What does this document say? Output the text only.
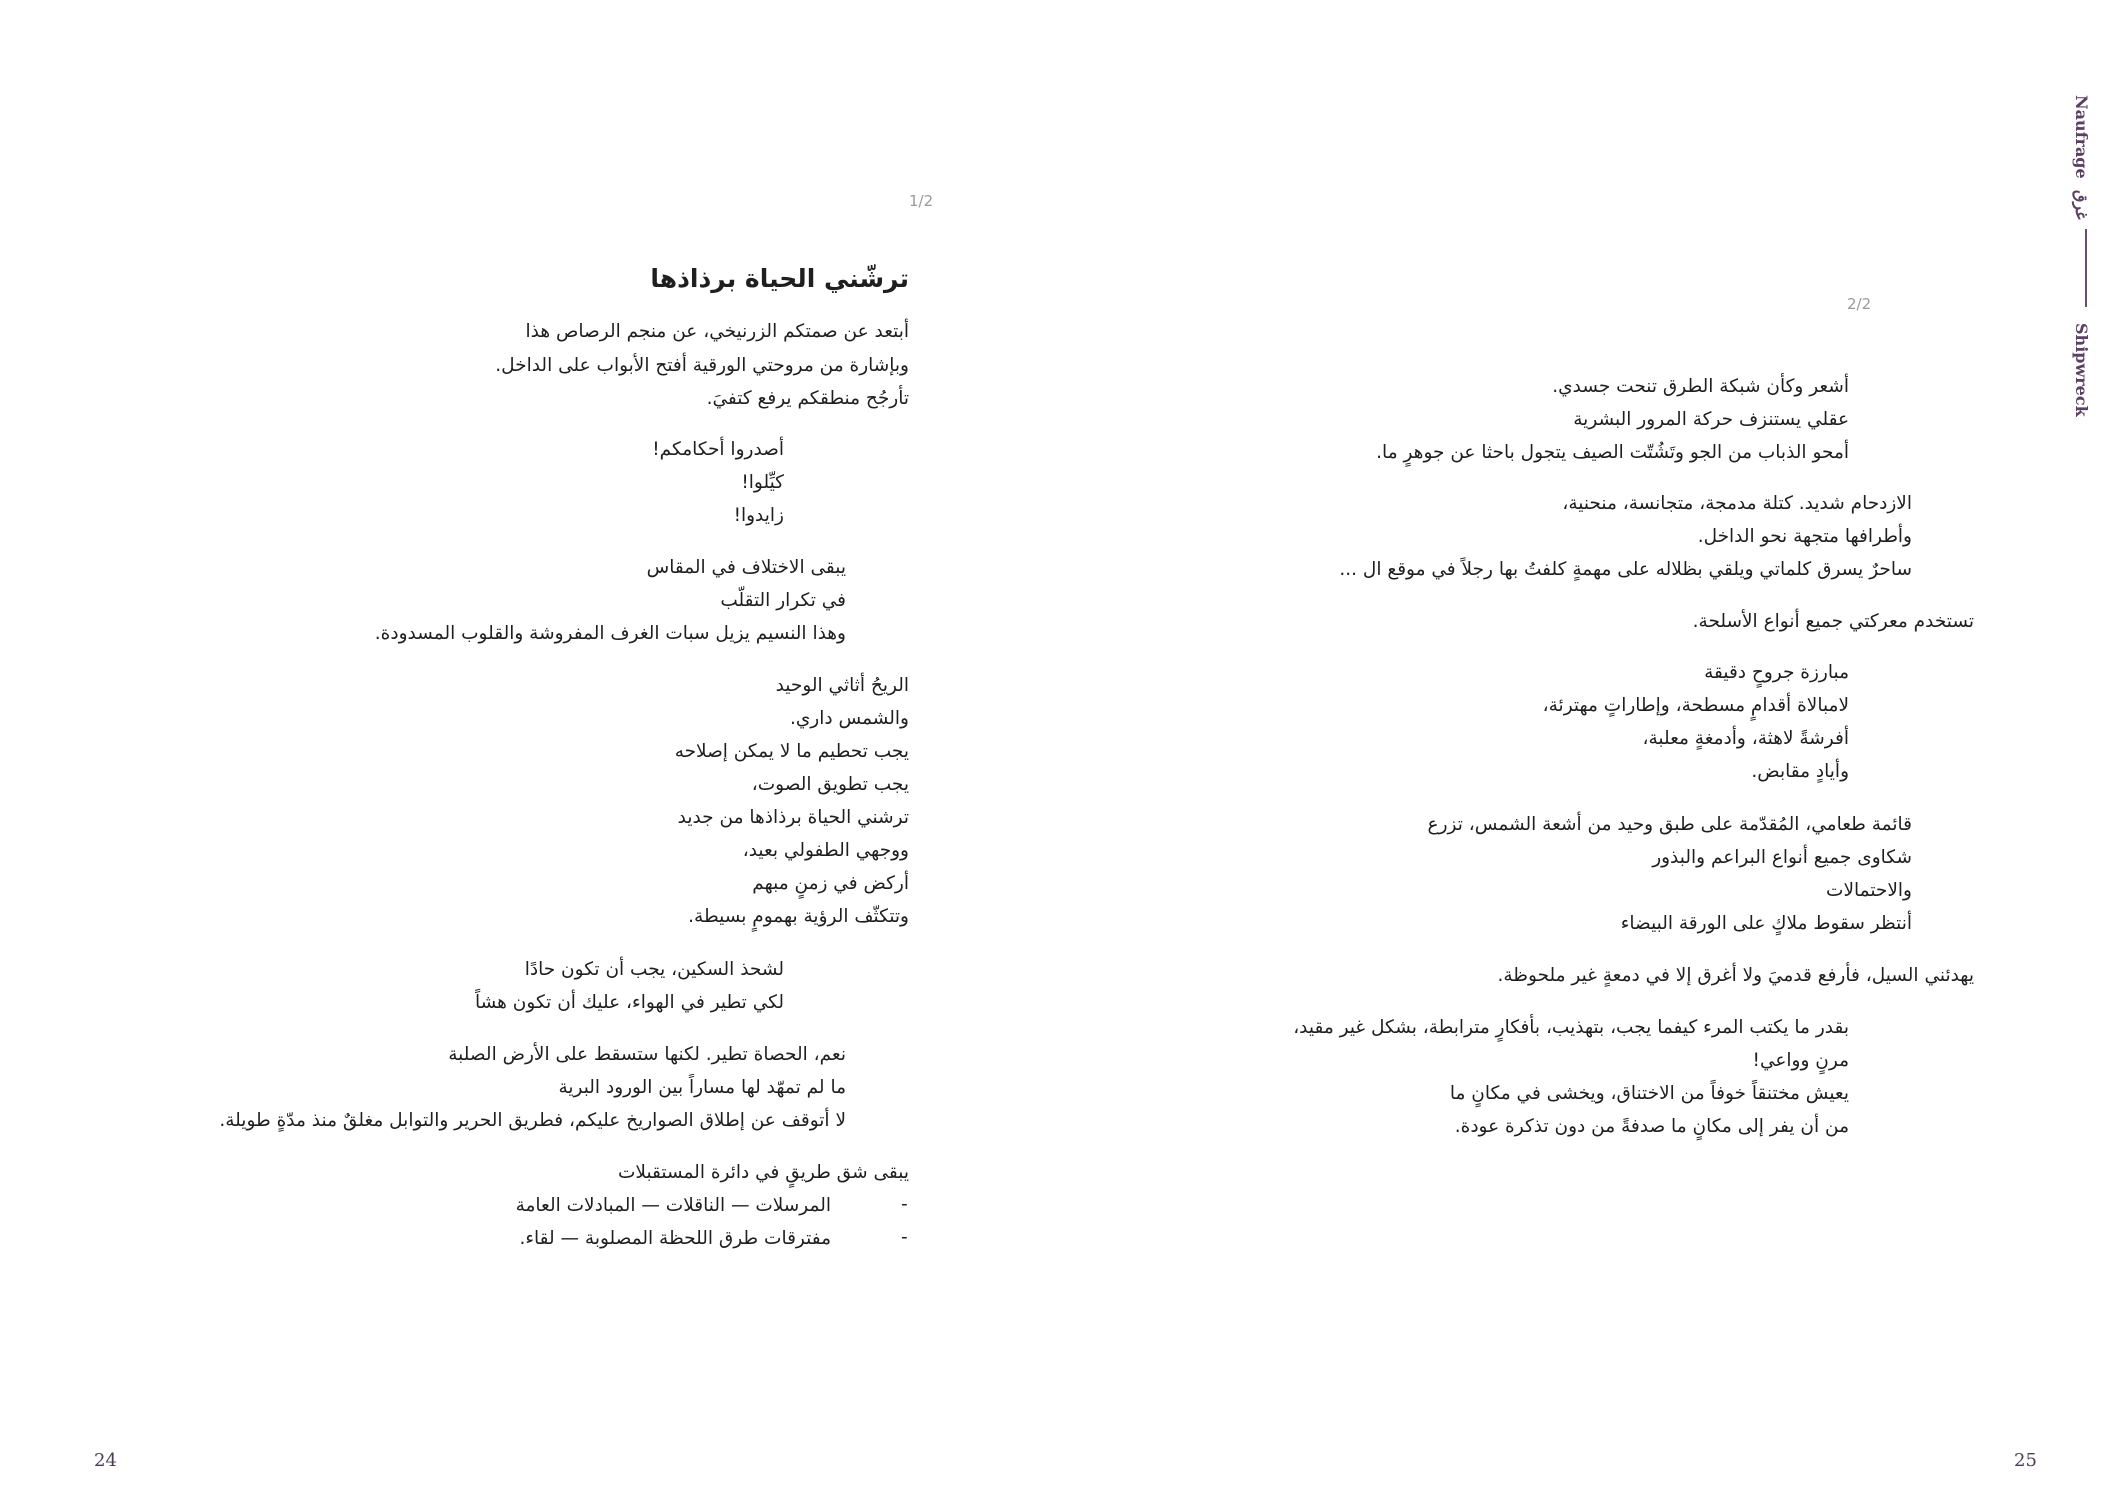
1/2
ترشّني الحياة برذاذها
أبتعد عن صمتكم الزرنيخي، عن منجم الرصاص هذا
وبإشارة من مروحتي الورقية أفتح الأبواب على الداخل.
تأرجُح منطقكم يرفع كتفيَ.
أصدروا أحكامكم!
كيِّلوا!
زايدوا!
يبقى الاختلاف في المقاس
في تكرار التقلّب
وهذا النسيم يزيل سبات الغرف المفروشة والقلوب المسدودة.
الريحُ أثاثي الوحيد
والشمس داري.
يجب تحطيم ما لا يمكن إصلاحه
يجب تطويق الصوت،
ترشني الحياة برذاذها من جديد
ووجهي الطفولي بعيد،
أركض في زمنٍ مبهم
وتتكثّف الرؤية بهمومٍ بسيطة.
لشحذ السكين، يجب أن تكون حادًا
لكي تطير في الهواء، عليك أن تكون هشاً
نعم، الحصاة تطير. لكنها ستسقط على الأرض الصلبة
ما لم تمهّد لها مساراً بين الورود البرية
لا أتوقف عن إطلاق الصواريخ عليكم، فطريق الحرير والتوابل مغلقٌ منذ مدّةٍ طويلة.
يبقى شق طريقٍ في دائرة المستقبلات
-
المرسلات — الناقلات — المبادلات العامة
-
مفترقات طرق اللحظة المصلوبة — لقاء.
24
2/2
أشعر وكأن شبكة الطرق تنحت جسدي.
عقلي يستنزف حركة المرور البشرية
أمحو الذباب من الجو وتَشُتّت الصيف يتجول باحثا عن جوهرٍ ما.
الازدحام شديد. كتلة مدمجة، متجانسة، منحنية،
وأطرافها متجهة نحو الداخل.
ساحرٌ يسرق كلماتي ويلقي بظلاله على مهمةٍ كلفتُ بها رجلاً في موقع ال ...
تستخدم معركتي جميع أنواع الأسلحة.
مبارزة جروحٍ دقيقة
لامبالاة أقدامٍ مسطحة، وإطاراتٍ مهترئة،
أفرشةً لاهثة، وأدمغةٍ معلبة،
وأيادٍ مقابض.
قائمة طعامي، المُقدّمة على طبق وحيد من أشعة الشمس، تزرع
شكاوى جميع أنواع البراعم والبذور
والاحتمالات
أنتظر سقوط ملاكٍ على الورقة البيضاء
يهدئني السيل، فأرفع قدميَ ولا أغرق إلا في دمعةٍ غير ملحوظة.
بقدر ما يكتب المرء كيفما يجب، بتهذيب، بأفكارٍ مترابطة، بشكل غير مقيد،
مرنٍ وواعي!
يعيش مختنقاً خوفاً من الاختناق، ويخشى في مكانٍ ما
من أن يفر إلى مكانٍ ما صدفةً من دون تذكرة عودة.
25
Naufrage غرق  Shipwreck
